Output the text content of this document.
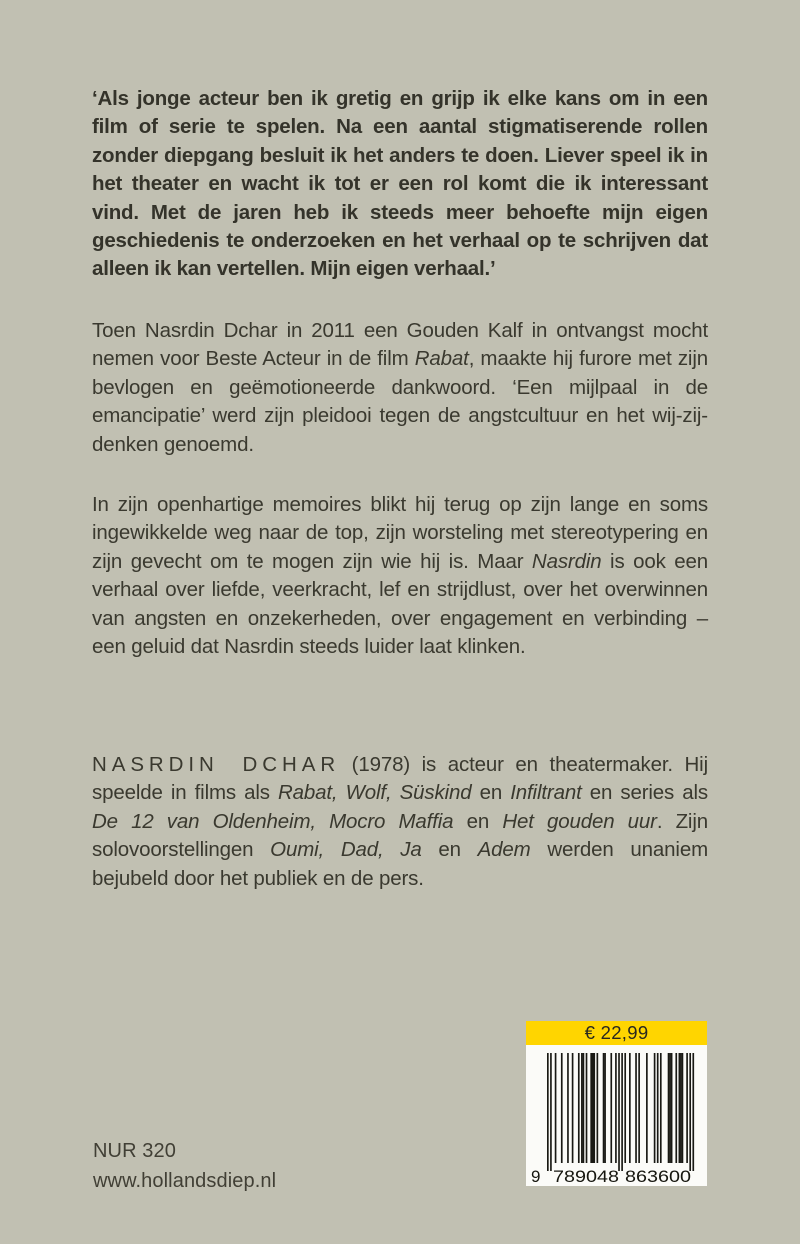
‘Als jonge acteur ben ik gretig en grijp ik elke kans om in een film of serie te spelen. Na een aantal stigmatiserende rollen zonder diepgang besluit ik het anders te doen. Liever speel ik in het theater en wacht ik tot er een rol komt die ik interessant vind. Met de jaren heb ik steeds meer behoefte mijn eigen geschiedenis te onderzoeken en het verhaal op te schrijven dat alleen ik kan vertellen. Mijn eigen verhaal.’

Toen Nasrdin Dchar in 2011 een Gouden Kalf in ontvangst mocht nemen voor Beste Acteur in de film Rabat, maakte hij furore met zijn bevlogen en geëmotioneerde dankwoord. ‘Een mijlpaal in de emancipatie’ werd zijn pleidooi tegen de angstcultuur en het wij-zij-denken genoemd.

In zijn openhartige memoires blikt hij terug op zijn lange en soms ingewikkelde weg naar de top, zijn worsteling met stereotypering en zijn gevecht om te mogen zijn wie hij is. Maar Nasrdin is ook een verhaal over liefde, veerkracht, lef en strijdlust, over het overwinnen van angsten en onzekerheden, over engagement en verbinding – een geluid dat Nasrdin steeds luider laat klinken.

NASRDIN DCHAR (1978) is acteur en theatermaker. Hij speelde in films als Rabat, Wolf, Süskind en Infiltrant en series als De 12 van Oldenheim, Mocro Maffia en Het gouden uur. Zijn solovoorstellingen Oumi, Dad, Ja en Adem werden unaniem bejubeld door het publiek en de pers.

NUR 320
www.hollandsdiep.nl
€ 22,99
9 789048 863600
